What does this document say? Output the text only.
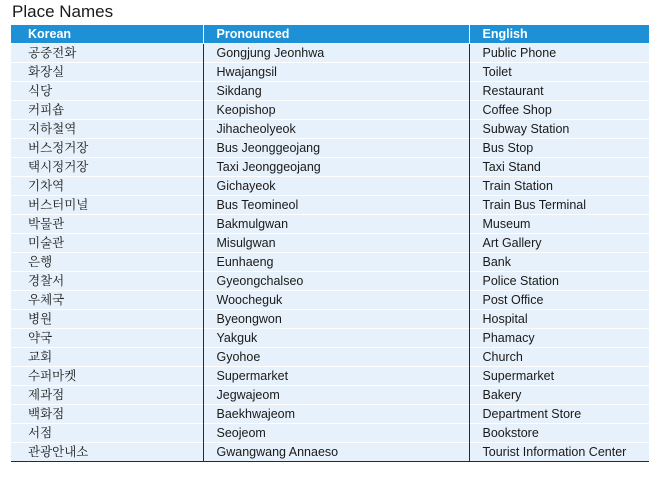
Place Names
Korean	Pronounced	English
공중전화	Gongjung Jeonhwa	Public Phone
화장실	Hwajangsil	Toilet
식당	Sikdang	Restaurant
커피숍	Keopishop	Coffee Shop
지하철역	Jihacheolyeok	Subway Station
버스정거장	Bus Jeonggeojang	Bus Stop
택시정거장	Taxi Jeonggeojang	Taxi Stand
기차역	Gichayeok	Train Station
버스터미널	Bus Teomineol	Train Bus Terminal
박물관	Bakmulgwan	Museum
미술관	Misulgwan	Art Gallery
은행	Eunhaeng	Bank
경찰서	Gyeongchalseo	Police Station
우체국	Woocheguk	Post Office
병원	Byeongwon	Hospital
약국	Yakguk	Phamacy
교회	Gyohoe	Church
수퍼마켓	Supermarket	Supermarket
제과점	Jegwajeom	Bakery
백화점	Baekhwajeom	Department Store
서점	Seojeom	Bookstore
관광안내소	Gwangwang Annaeso	Tourist Information Center
